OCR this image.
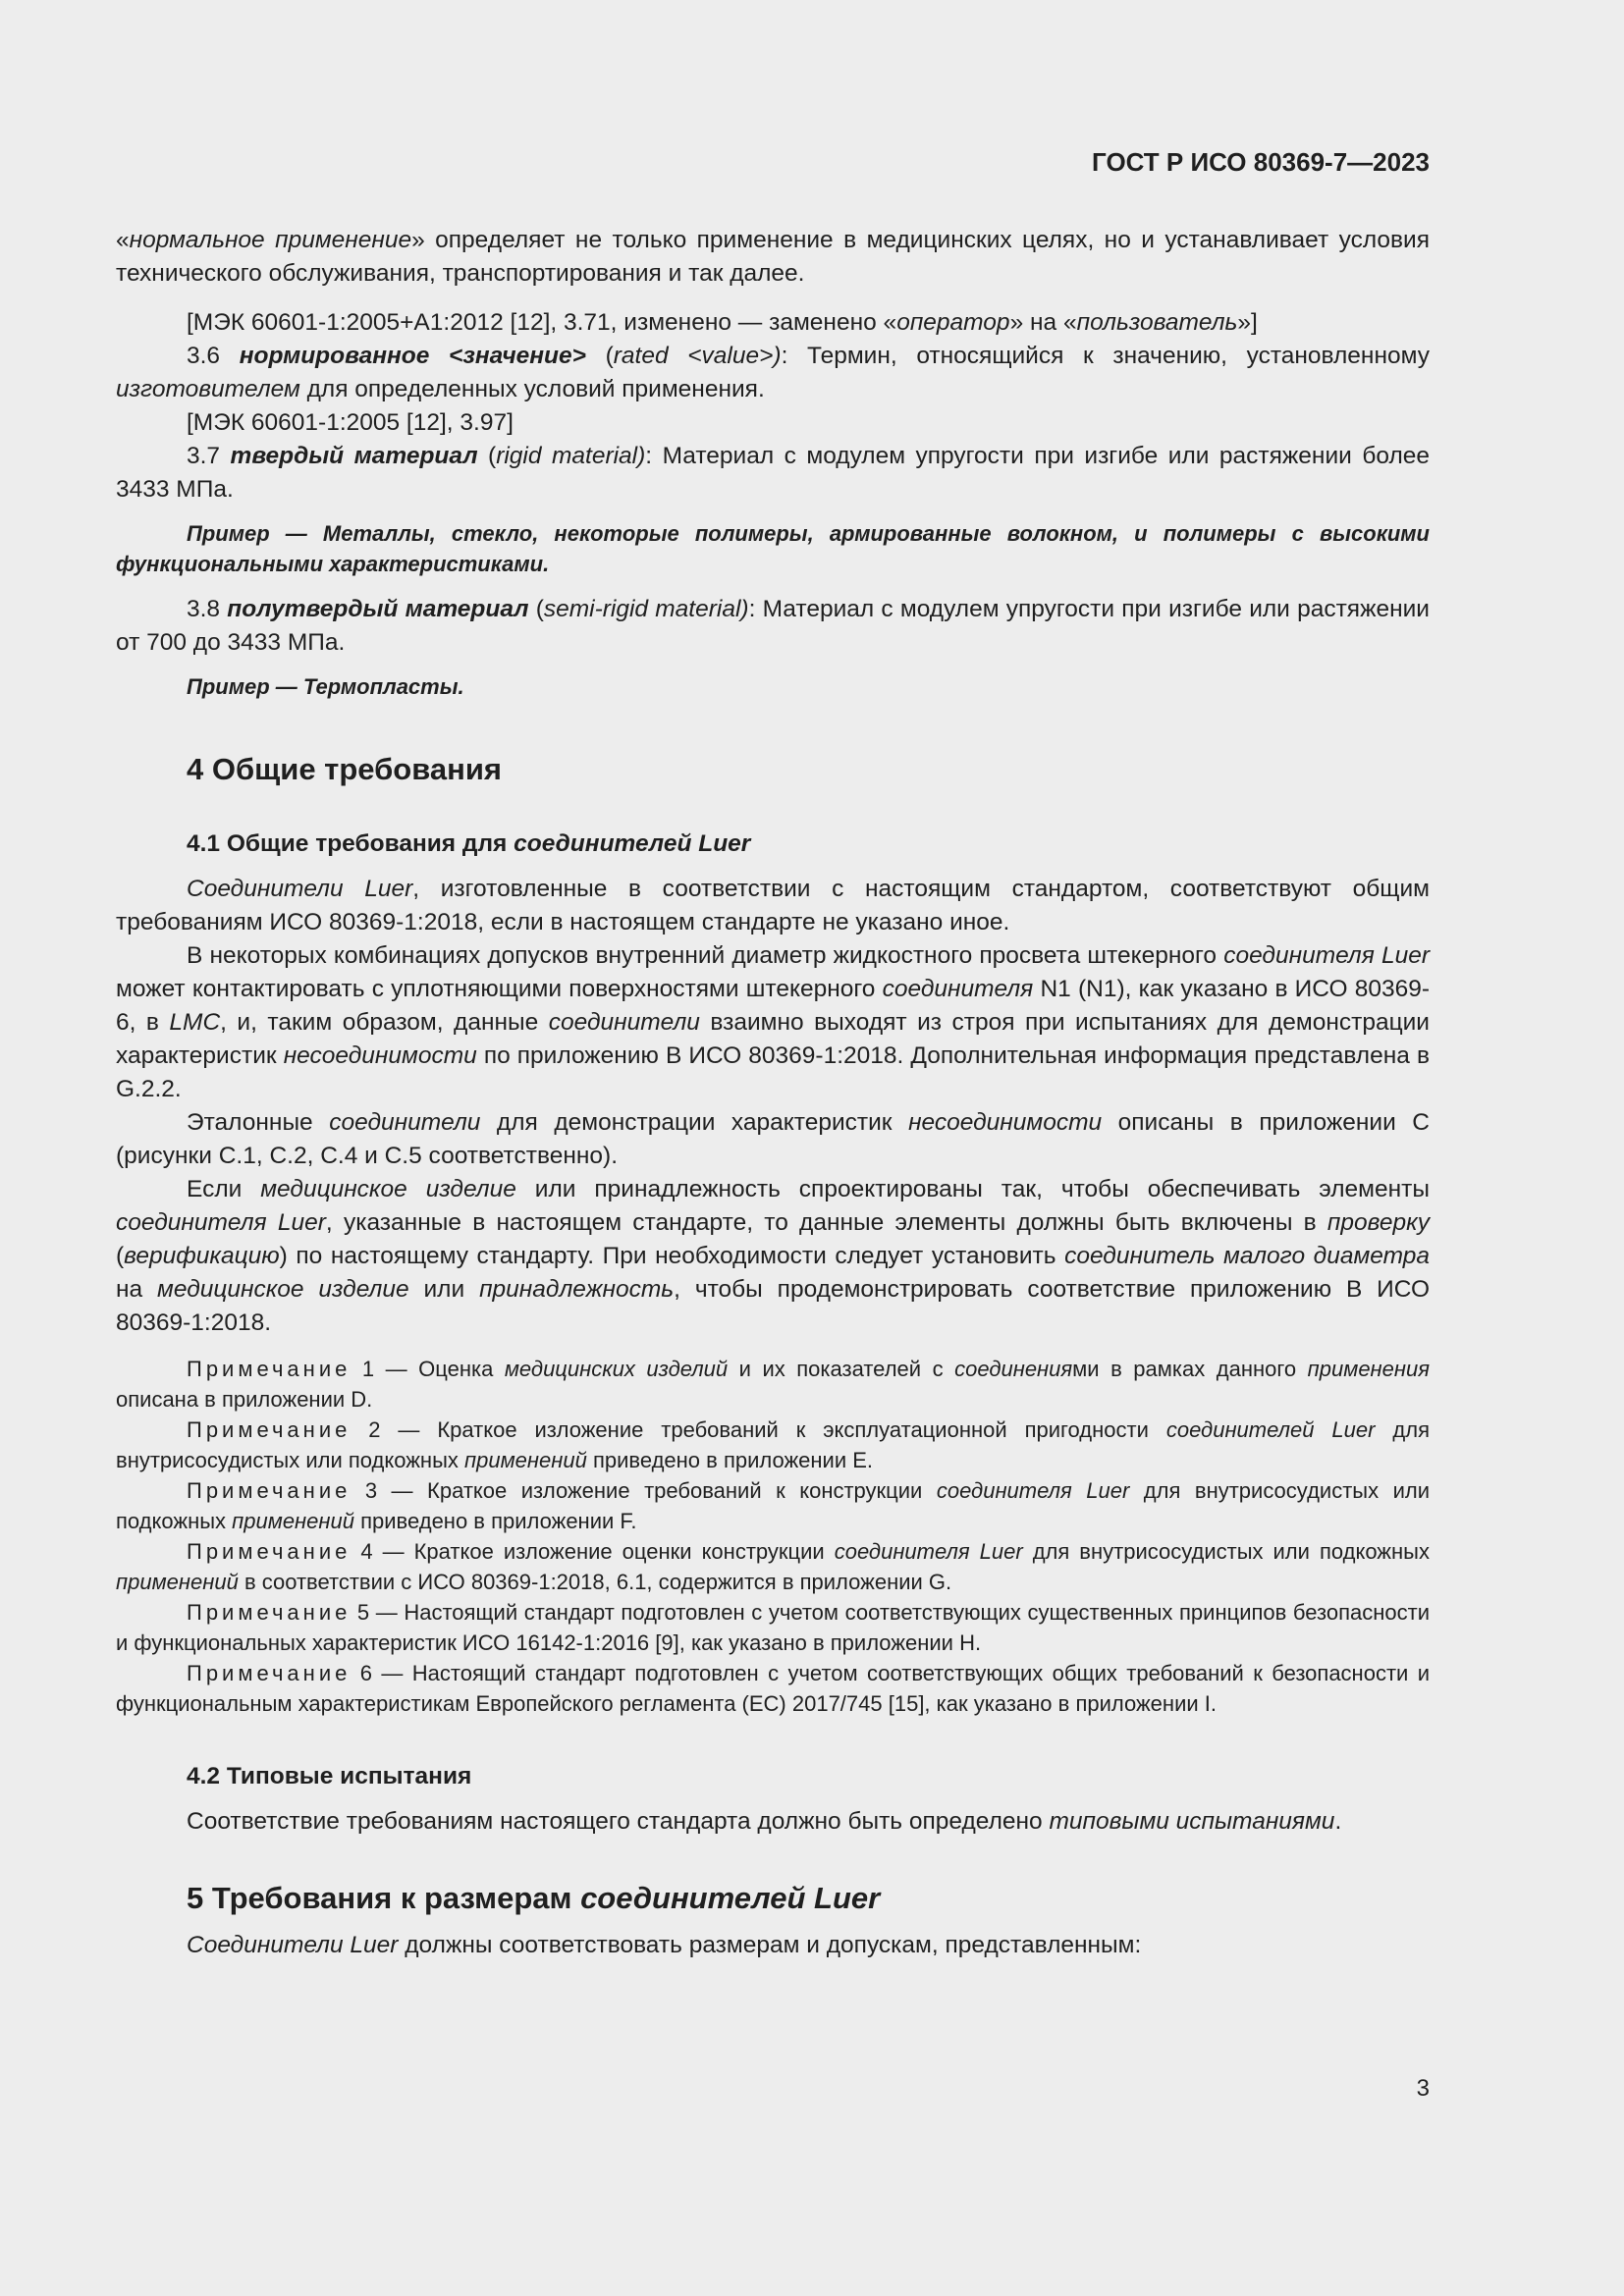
ГОСТ Р ИСО 80369-7—2023

«нормальное применение» определяет не только применение в медицинских целях, но и устанавливает условия технического обслуживания, транспортирования и так далее.

[МЭК 60601-1:2005+A1:2012 [12], 3.71, изменено — заменено «оператор» на «пользователь»]

3.6 нормированное <значение> (rated <value>): Термин, относящийся к значению, установленному изготовителем для определенных условий применения.

[МЭК 60601-1:2005 [12], 3.97]

3.7 твердый материал (rigid material): Материал с модулем упругости при изгибе или растяжении более 3433 МПа.

Пример — Металлы, стекло, некоторые полимеры, армированные волокном, и полимеры с высокими функциональными характеристиками.

3.8 полутвердый материал (semi-rigid material): Материал с модулем упругости при изгибе или растяжении от 700 до 3433 МПа.

Пример — Термопласты.

4 Общие требования
4.1 Общие требования для соединителей Luer

Соединители Luer, изготовленные в соответствии с настоящим стандартом, соответствуют общим требованиям ИСО 80369-1:2018, если в настоящем стандарте не указано иное.

В некоторых комбинациях допусков внутренний диаметр жидкостного просвета штекерного соединителя Luer может контактировать с уплотняющими поверхностями штекерного соединителя N1 (N1), как указано в ИСО 80369-6, в LMC, и, таким образом, данные соединители взаимно выходят из строя при испытаниях для демонстрации характеристик несоединимости по приложению В ИСО 80369-1:2018. Дополнительная информация представлена в G.2.2.

Эталонные соединители для демонстрации характеристик несоединимости описаны в приложении С (рисунки С.1, С.2, С.4 и С.5 соответственно).

Если медицинское изделие или принадлежность спроектированы так, чтобы обеспечивать элементы соединителя Luer, указанные в настоящем стандарте, то данные элементы должны быть включены в проверку (верификацию) по настоящему стандарту. При необходимости следует установить соединитель малого диаметра на медицинское изделие или принадлежность, чтобы продемонстрировать соответствие приложению В ИСО 80369-1:2018.

Примечание 1 — Оценка медицинских изделий и их показателей с соединениями в рамках данного применения описана в приложении D.

Примечание 2 — Краткое изложение требований к эксплуатационной пригодности соединителей Luer для внутрисосудистых или подкожных применений приведено в приложении E.

Примечание 3 — Краткое изложение требований к конструкции соединителя Luer для внутрисосудистых или подкожных применений приведено в приложении F.

Примечание 4 — Краткое изложение оценки конструкции соединителя Luer для внутрисосудистых или подкожных применений в соответствии с ИСО 80369-1:2018, 6.1, содержится в приложении G.

Примечание 5 — Настоящий стандарт подготовлен с учетом соответствующих существенных принципов безопасности и функциональных характеристик ИСО 16142-1:2016 [9], как указано в приложении H.

Примечание 6 — Настоящий стандарт подготовлен с учетом соответствующих общих требований к безопасности и функциональным характеристикам Европейского регламента (ЕС) 2017/745 [15], как указано в приложении I.

4.2 Типовые испытания

Соответствие требованиям настоящего стандарта должно быть определено типовыми испытаниями.

5 Требования к размерам соединителей Luer

Соединители Luer должны соответствовать размерам и допускам, представленным:

3
